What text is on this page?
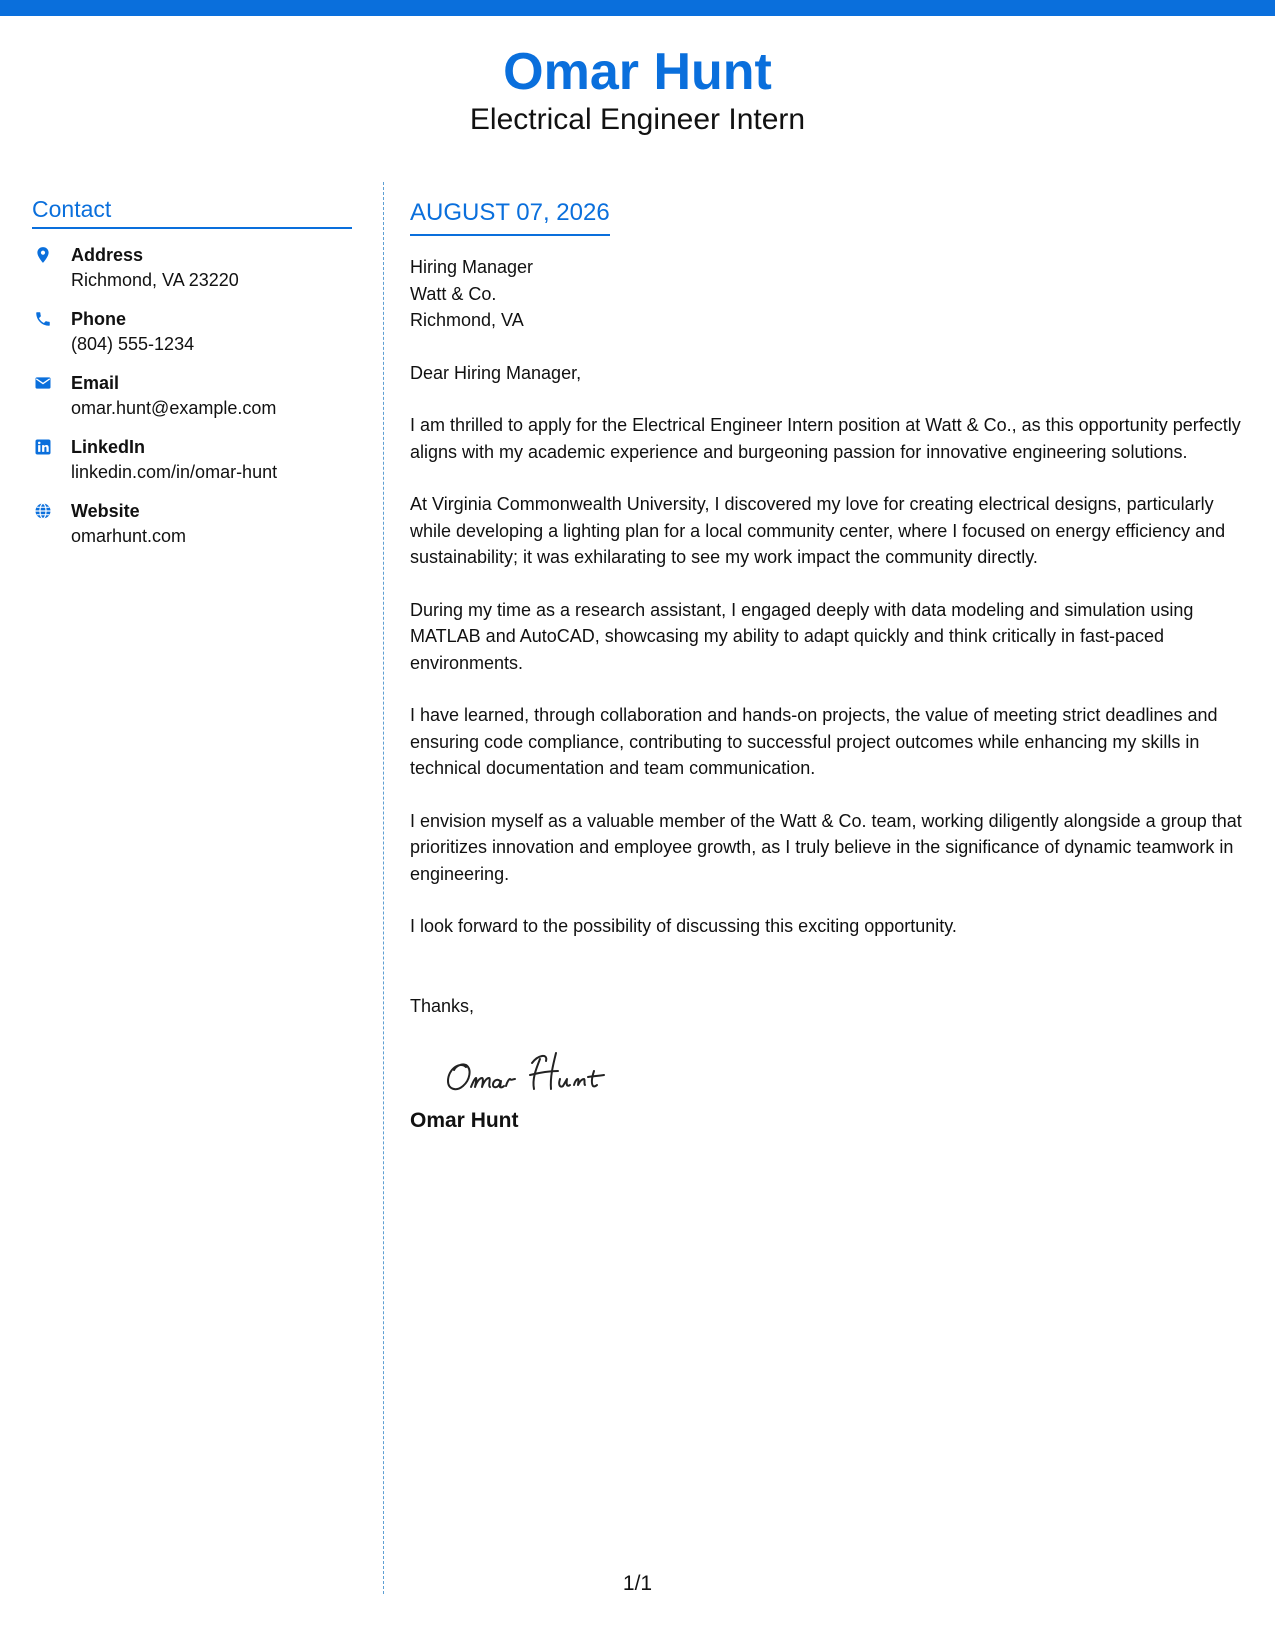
Omar Hunt
Electrical Engineer Intern
Contact
Address
Richmond, VA 23220
Phone
(804) 555-1234
Email
omar.hunt@example.com
LinkedIn
linkedin.com/in/omar-hunt
Website
omarhunt.com
AUGUST 07, 2026
Hiring Manager
Watt & Co.
Richmond, VA
Dear Hiring Manager,
I am thrilled to apply for the Electrical Engineer Intern position at Watt & Co., as this opportunity perfectly aligns with my academic experience and burgeoning passion for innovative engineering solutions.
At Virginia Commonwealth University, I discovered my love for creating electrical designs, particularly while developing a lighting plan for a local community center, where I focused on energy efficiency and sustainability; it was exhilarating to see my work impact the community directly.
During my time as a research assistant, I engaged deeply with data modeling and simulation using MATLAB and AutoCAD, showcasing my ability to adapt quickly and think critically in fast-paced environments.
I have learned, through collaboration and hands-on projects, the value of meeting strict deadlines and ensuring code compliance, contributing to successful project outcomes while enhancing my skills in technical documentation and team communication.
I envision myself as a valuable member of the Watt & Co. team, working diligently alongside a group that prioritizes innovation and employee growth, as I truly believe in the significance of dynamic teamwork in engineering.
I look forward to the possibility of discussing this exciting opportunity.
Thanks,
Omar Hunt
1/1
